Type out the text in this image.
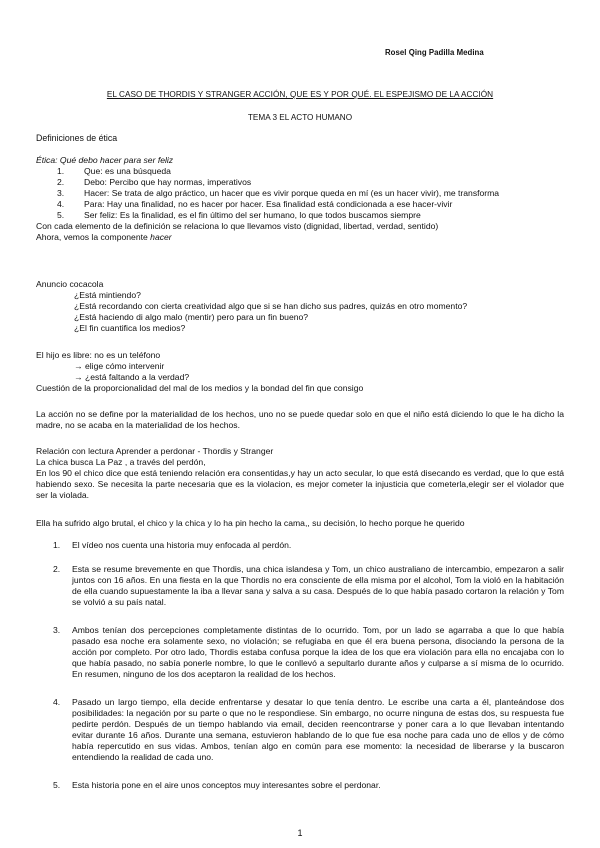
Rosel Qing Padilla Medina
EL CASO DE THORDIS Y STRANGER ACCIÓN, QUE ES Y POR QUÉ. EL ESPEJISMO DE LA ACCIÓN
TEMA 3 EL ACTO HUMANO
Definiciones de ética
Ética: Qué debo hacer para ser feliz
1. Que: es una búsqueda
2. Debo: Percibo que hay normas, imperativos
3. Hacer: Se trata de algo práctico, un hacer que es vivir porque queda en mí (es un hacer vivir), me transforma
4. Para: Hay una finalidad, no es hacer por hacer. Esa finalidad está condicionada a ese hacer-vivir
5. Ser feliz: Es la finalidad, es el fin último del ser humano, lo que todos buscamos siempre
Con cada elemento de la definición se relaciona lo que llevamos visto (dignidad, libertad, verdad, sentido)
Ahora, vemos la componente hacer
Anuncio cocacola
¿Está mintiendo?
¿Está recordando con cierta creatividad algo que si se han dicho sus padres, quizás en otro momento?
¿Está haciendo di algo malo (mentir) pero para un fin bueno?
¿El fin cuantifica los medios?
El hijo es libre: no es un teléfono
→ elige cómo intervenir
→ ¿está faltando a la verdad?
Cuestión de la proporcionalidad del mal de los medios y la bondad del fin que consigo
La acción no se define por la materialidad de los hechos, uno no se puede quedar solo en que el niño está diciendo lo que le ha dicho la madre, no se acaba en la materialidad de los hechos.
Relación con lectura Aprender a perdonar - Thordis y Stranger
La chica busca La Paz , a través del perdón,
En los 90 el chico dice que está teniendo relación era consentidas,y hay un acto secular, lo que está disecando es verdad, que lo que está habiendo sexo. Se necesita la parte necesaria que es la violacion, es mejor cometer la injusticia que cometerla,elegir ser el violador que ser la violada.
Ella ha sufrido algo brutal, el chico y la chica y lo ha pin hecho la cama,, su decisión, lo hecho porque he querido
1. El vídeo nos cuenta una historia muy enfocada al perdón.
2. Esta se resume brevemente en que Thordis, una chica islandesa y Tom, un chico australiano de intercambio, empezaron a salir juntos con 16 años. En una fiesta en la que Thordis no era consciente de ella misma por el alcohol, Tom la violó en la habitación de ella cuando supuestamente la iba a llevar sana y salva a su casa. Después de lo que había pasado cortaron la relación y Tom se volvió a su país natal.
3. Ambos tenían dos percepciones completamente distintas de lo ocurrido. Tom, por un lado se agarraba a que lo que había pasado esa noche era solamente sexo, no violación; se refugiaba en que él era buena persona, disociando la persona de la acción por completo. Por otro lado, Thordis estaba confusa porque la idea de los que era violación para ella no encajaba con lo que había pasado, no sabía ponerle nombre, lo que le conllevó a sepultarlo durante años y culparse a sí misma de lo ocurrido. En resumen, ninguno de los dos aceptaron la realidad de los hechos.
4. Pasado un largo tiempo, ella decide enfrentarse y desatar lo que tenía dentro. Le escribe una carta a él, planteándose dos posibilidades: la negación por su parte o que no le respondiese. Sin embargo, no ocurre ninguna de estas dos, su respuesta fue pedirte perdón. Después de un tiempo hablando via email, deciden reencontrarse y poner cara a lo que llevaban intentando evitar durante 16 años. Durante una semana, estuvieron hablando de lo que fue esa noche para cada uno de ellos y de cómo había repercutido en sus vidas. Ambos, tenían algo en común para ese momento: la necesidad de liberarse y la buscaron entendiendo la realidad de cada uno.
5. Esta historia pone en el aire unos conceptos muy interesantes sobre el perdonar.
1
